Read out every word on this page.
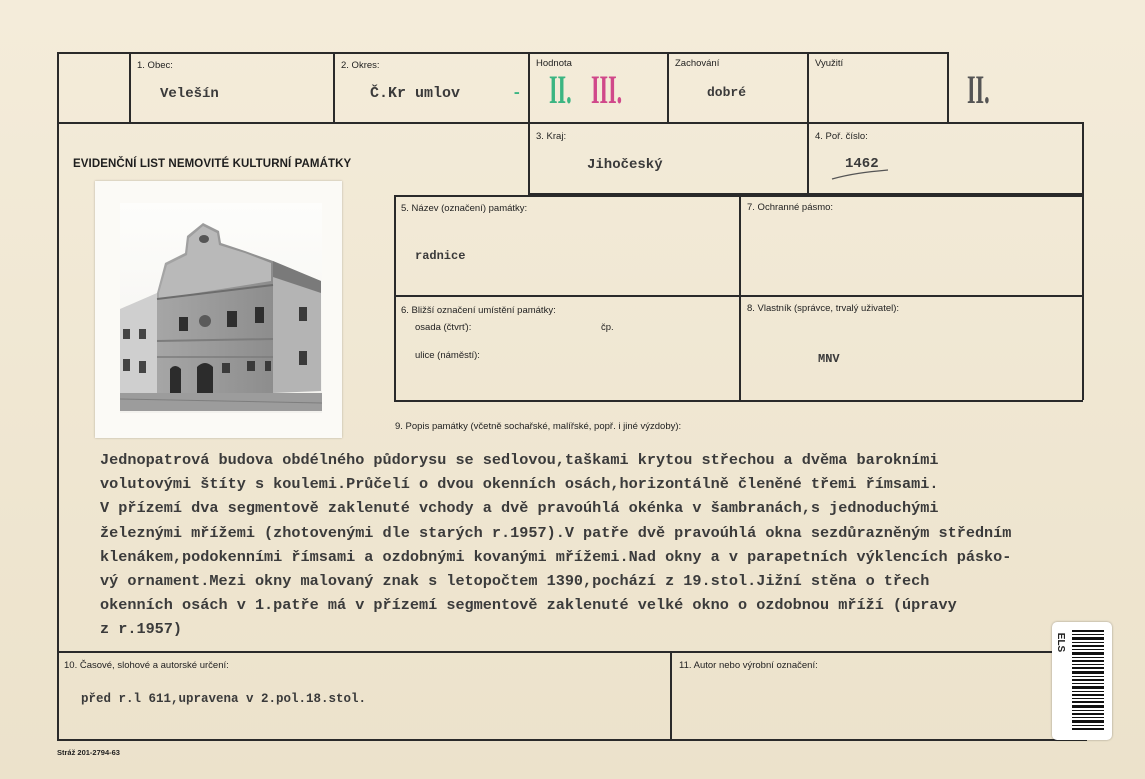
1. Obec:
Velešín
2. Okres:
Č.Kr umlov
Hodnota
- II. III.
Zachování
dobré
Využití
II.
EVIDENČNÍ LIST NEMOVITÉ KULTURNÍ PAMÁTKY
3. Kraj:
Jihočeský
4. Poř. číslo:
1462
5. Název (označení) památky:
radnice
7. Ochranné pásmo:
6. Bližší označení umístění památky:
osada (čtvrť):	čp.
ulice (náměstí):
8. Vlastník (správce, trvalý uživatel):
MNV
9. Popis památky (včetně sochařské, malířské, popř. i jiné výzdoby):
Jednopatrová budova obdélného půdorysu se sedlovou,taškami krytou střechou a dvěma barokními
volutovými štíty s koulemi.Průčelí o dvou okenních osách,horizontálně členěné třemi římsami.
V přízemí dva segmentově zaklenuté vchody a dvě pravoúhlá okénka v šambranách,s jednoduchými
železnými mřížemi (zhotovenými dle starých r.1957).V patře dvě pravoúhlá okna sezdůrazněným středním
klenákem,podokenními římsami a ozdobnými kovanými mřížemi.Nad okny a v parapetních výklencích pásko-
vý ornament.Mezi okny malovaný znak s letopočtem 1390,pochází z 19.stol.Jižní stěna o třech
okenních osách v 1.patře má v přízemí segmentově zaklenuté velké okno o ozdobnou mříží (úpravy
z r.1957)
10. Časové, slohové a autorské určení:
před r.l 611,upravena v 2.pol.18.stol.
11. Autor nebo výrobní označení:
Stráž 201-2794-63
ELS
